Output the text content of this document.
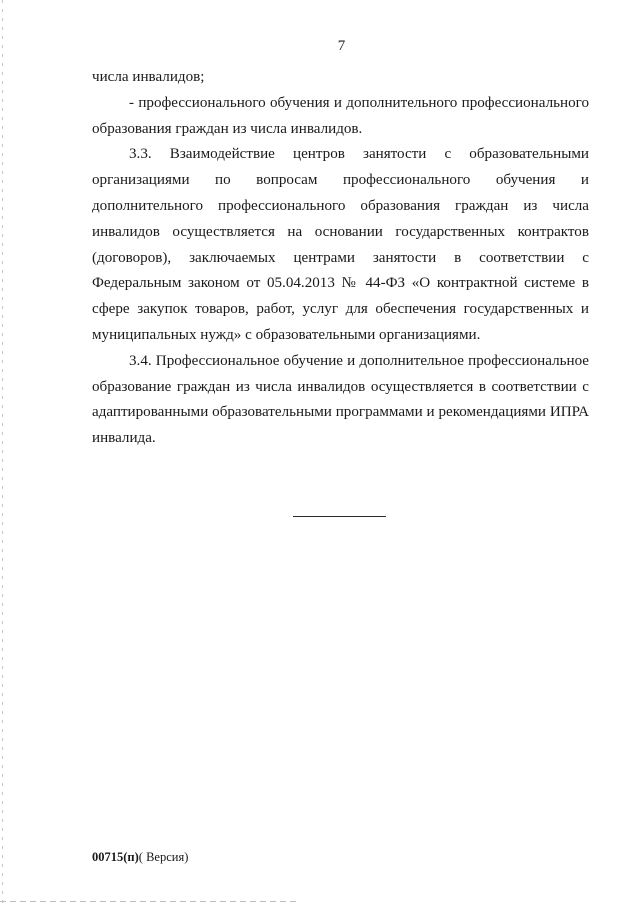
7

числа инвалидов;

- профессионального обучения и дополнительного профессионального образования граждан из числа инвалидов.

3.3. Взаимодействие центров занятости с образовательными организациями по вопросам профессионального обучения и дополнительного профессионального образования граждан из числа инвалидов осуществляется на основании государственных контрактов (договоров), заключаемых центрами занятости в соответствии с Федеральным законом от 05.04.2013 № 44-ФЗ «О контрактной системе в сфере закупок товаров, работ, услуг для обеспечения государственных и муниципальных нужд» с образовательными организациями.

3.4. Профессиональное обучение и дополнительное профессиональное образование граждан из числа инвалидов осуществляется в соответствии с адаптированными образовательными программами и рекомендациями ИПРА инвалида.

00715(п)( Версия)
